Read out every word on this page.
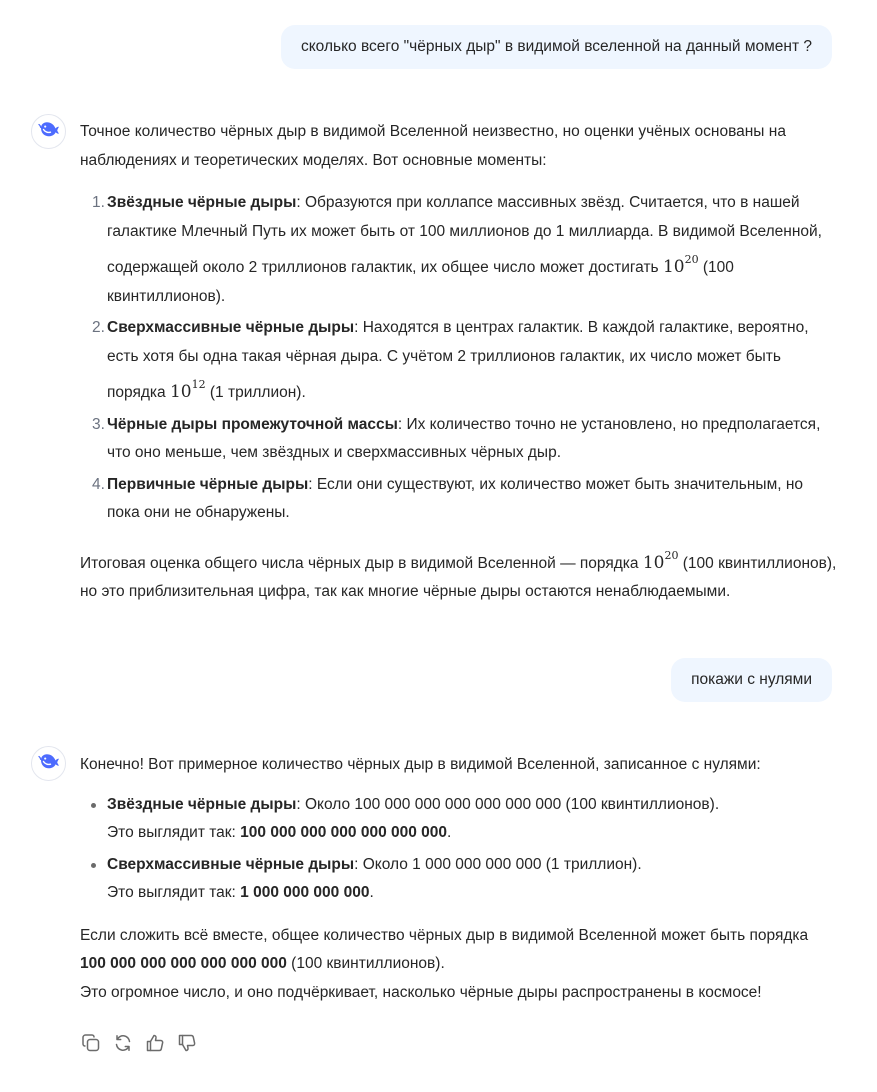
сколько всего "чёрных дыр" в видимой вселенной на данный момент ?

Точное количество чёрных дыр в видимой Вселенной неизвестно, но оценки учёных основаны на наблюдениях и теоретических моделях. Вот основные моменты:

1. Звёздные чёрные дыры: Образуются при коллапсе массивных звёзд. Считается, что в нашей галактике Млечный Путь их может быть от 100 миллионов до 1 миллиарда. В видимой Вселенной, содержащей около 2 триллионов галактик, их общее число может достигать $10^{20}$ (100 квинтиллионов).
2. Сверхмассивные чёрные дыры: Находятся в центрах галактик. В каждой галактике, вероятно, есть хотя бы одна такая чёрная дыра. С учётом 2 триллионов галактик, их число может быть порядка $10^{12}$ (1 триллион).
3. Чёрные дыры промежуточной массы: Их количество точно не установлено, но предполагается, что оно меньше, чем звёздных и сверхмассивных чёрных дыр.
4. Первичные чёрные дыры: Если они существуют, их количество может быть значительным, но пока они не обнаружены.

Итоговая оценка общего числа чёрных дыр в видимой Вселенной — порядка $10^{20}$ (100 квинтиллионов), но это приблизительная цифра, так как многие чёрные дыры остаются ненаблюдаемыми.

покажи с нулями

Конечно! Вот примерное количество чёрных дыр в видимой Вселенной, записанное с нулями:

Звёздные чёрные дыры: Около 100 000 000 000 000 000 000 (100 квинтиллионов).
Это выглядит так: 100 000 000 000 000 000 000.
Сверхмассивные чёрные дыры: Около 1 000 000 000 000 (1 триллион).
Это выглядит так: 1 000 000 000 000.

Если сложить всё вместе, общее количество чёрных дыр в видимой Вселенной может быть порядка 100 000 000 000 000 000 000 (100 квинтиллионов).

Это огромное число, и оно подчёркивает, насколько чёрные дыры распространены в космосе!
